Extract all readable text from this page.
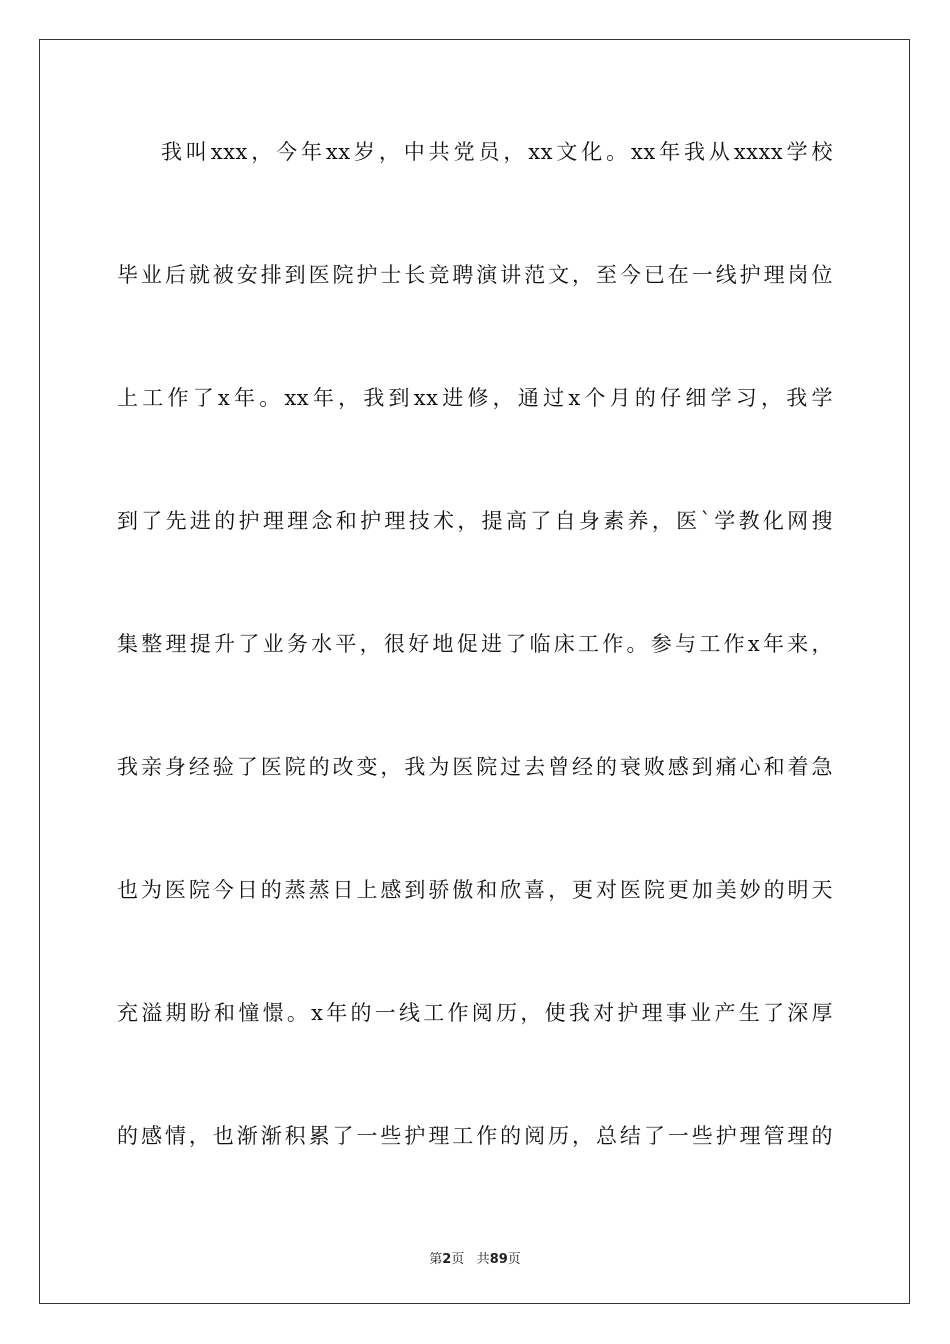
我叫xxx，今年xx岁，中共党员，xx文化。xx年我从xxxx学校
毕业后就被安排到医院护士长竞聘演讲范文，至今已在一线护理岗位
上工作了x年。xx年，我到xx进修，通过x个月的仔细学习，我学
到了先进的护理理念和护理技术，提高了自身素养，医`学教化网搜
集整理提升了业务水平，很好地促进了临床工作。参与工作x年来，
我亲身经验了医院的改变，我为医院过去曾经的衰败感到痛心和着急
也为医院今日的蒸蒸日上感到骄傲和欣喜，更对医院更加美妙的明天
充溢期盼和憧憬。x年的一线工作阅历，使我对护理事业产生了深厚
的感情，也渐渐积累了一些护理工作的阅历，总结了一些护理管理的
第2页 共89页
